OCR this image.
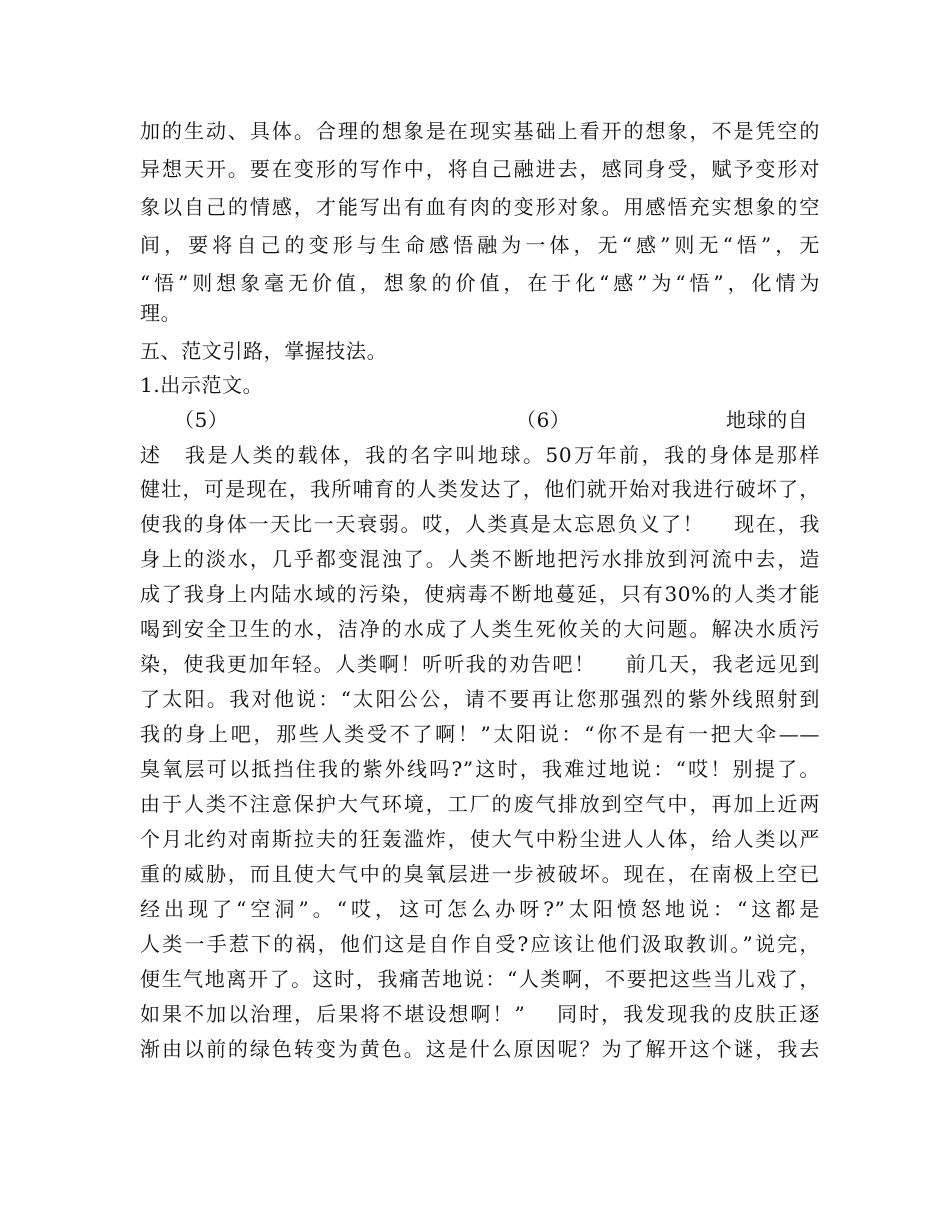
加的生动、具体。合理的想象是在现实基础上看开的想象，不是凭空的
异想天开。要在变形的写作中，将自己融进去，感同身受，赋予变形对
象以自己的情感，才能写出有血有肉的变形对象。用感悟充实想象的空
间，要将自己的变形与生命感悟融为一体，无“感”则无“悟”，无
“悟”则想象毫无价值，想象的价值，在于化“感”为“悟”，化情为
理。
五、范文引路，掌握技法。
1.出示范文。
（5）	（6）	地球的自
述　我是人类的载体，我的名字叫地球。50万年前，我的身体是那样
健壮，可是现在，我所哺育的人类发达了，他们就开始对我进行破坏了，
使我的身体一天比一天衰弱。哎，人类真是太忘恩负义了！　 现在，我
身上的淡水，几乎都变混浊了。人类不断地把污水排放到河流中去，造
成了我身上内陆水域的污染，使病毒不断地蔓延，只有30%的人类才能
喝到安全卫生的水，洁净的水成了人类生死攸关的大问题。解决水质污
染，使我更加年轻。人类啊！听听我的劝告吧！　 前几天，我老远见到
了太阳。我对他说：“太阳公公，请不要再让您那强烈的紫外线照射到
我的身上吧，那些人类受不了啊！”太阳说：“你不是有一把大伞——
臭氧层可以抵挡住我的紫外线吗?”这时，我难过地说：“哎！别提了。
由于人类不注意保护大气环境，工厂的废气排放到空气中，再加上近两
个月北约对南斯拉夫的狂轰滥炸，使大气中粉尘进人人体，给人类以严
重的威胁，而且使大气中的臭氧层进一步被破坏。现在，在南极上空已
经出现了“空洞”。“哎，这可怎么办呀?”太阳愤怒地说：“这都是
人类一手惹下的祸，他们这是自作自受?应该让他们汲取教训。”说完，
便生气地离开了。这时，我痛苦地说：“人类啊，不要把这些当儿戏了，
如果不加以治理，后果将不堪设想啊！”　 同时，我发现我的皮肤正逐
渐由以前的绿色转变为黄色。这是什么原因呢？为了解开这个谜，我去
